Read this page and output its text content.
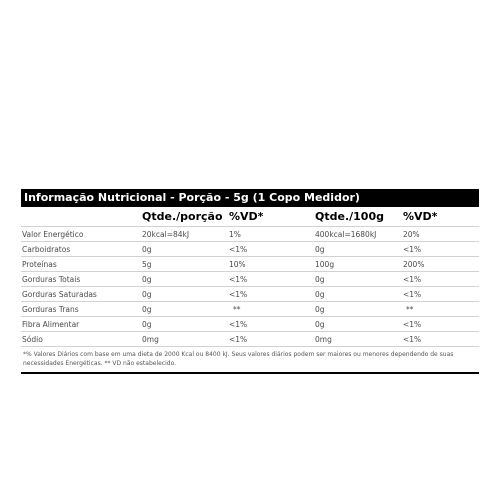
Informação Nutricional - Porção - 5g (1 Copo Medidor)
	Qtde./porção	%VD*	Qtde./100g	%VD*
Valor Energético	20kcal=84kJ	1%	400kcal=1680kJ	20%
Carboidratos	0g	<1%	0g	<1%
Proteínas	5g	10%	100g	200%
Gorduras Totais	0g	<1%	0g	<1%
Gorduras Saturadas	0g	<1%	0g	<1%
Gorduras Trans	0g	**	0g	**
Fibra Alimentar	0g	<1%	0g	<1%
Sódio	0mg	<1%	0mg	<1%
*% Valores Diários com base em uma dieta de 2000 Kcal ou 8400 kJ. Seus valores diários podem ser maiores ou menores dependendo de suas necessidades Energéticas. ** VD não estabelecido.
